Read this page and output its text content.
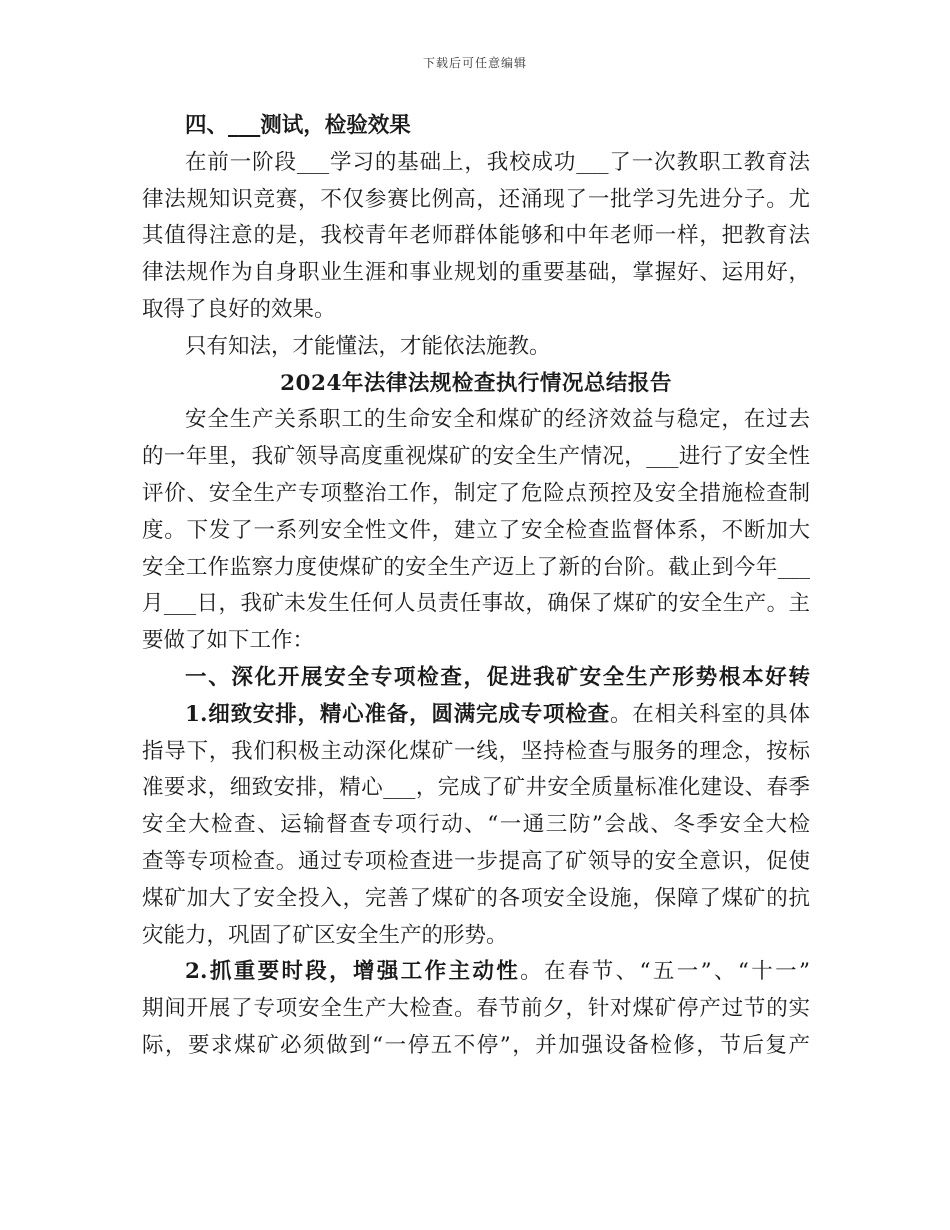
下载后可任意编辑
四、___测试，检验效果
在前一阶段___学习的基础上，我校成功___了一次教职工教育法
律法规知识竞赛，不仅参赛比例高，还涌现了一批学习先进分子。尤
其值得注意的是，我校青年老师群体能够和中年老师一样，把教育法
律法规作为自身职业生涯和事业规划的重要基础，掌握好、运用好，
取得了良好的效果。
只有知法，才能懂法，才能依法施教。
2024年法律法规检查执行情况总结报告
安全生产关系职工的生命安全和煤矿的经济效益与稳定，在过去
的一年里，我矿领导高度重视煤矿的安全生产情况，___进行了安全性
评价、安全生产专项整治工作，制定了危险点预控及安全措施检查制
度。下发了一系列安全性文件，建立了安全检查监督体系，不断加大
安全工作监察力度使煤矿的安全生产迈上了新的台阶。截止到今年___
月___日，我矿未发生任何人员责任事故，确保了煤矿的安全生产。主
要做了如下工作：
一、深化开展安全专项检查，促进我矿安全生产形势根本好转
1.细致安排，精心准备，圆满完成专项检查。在相关科室的具体
指导下，我们积极主动深化煤矿一线，坚持检查与服务的理念，按标
准要求，细致安排，精心___，完成了矿井安全质量标准化建设、春季
安全大检查、运输督查专项行动、“一通三防”会战、冬季安全大检
查等专项检查。通过专项检查进一步提高了矿领导的安全意识，促使
煤矿加大了安全投入，完善了煤矿的各项安全设施，保障了煤矿的抗
灾能力，巩固了矿区安全生产的形势。
2.抓重要时段，增强工作主动性。在春节、“五一”、“十一”
期间开展了专项安全生产大检查。春节前夕，针对煤矿停产过节的实
际，要求煤矿必须做到“一停五不停”，并加强设备检修，节后复产
